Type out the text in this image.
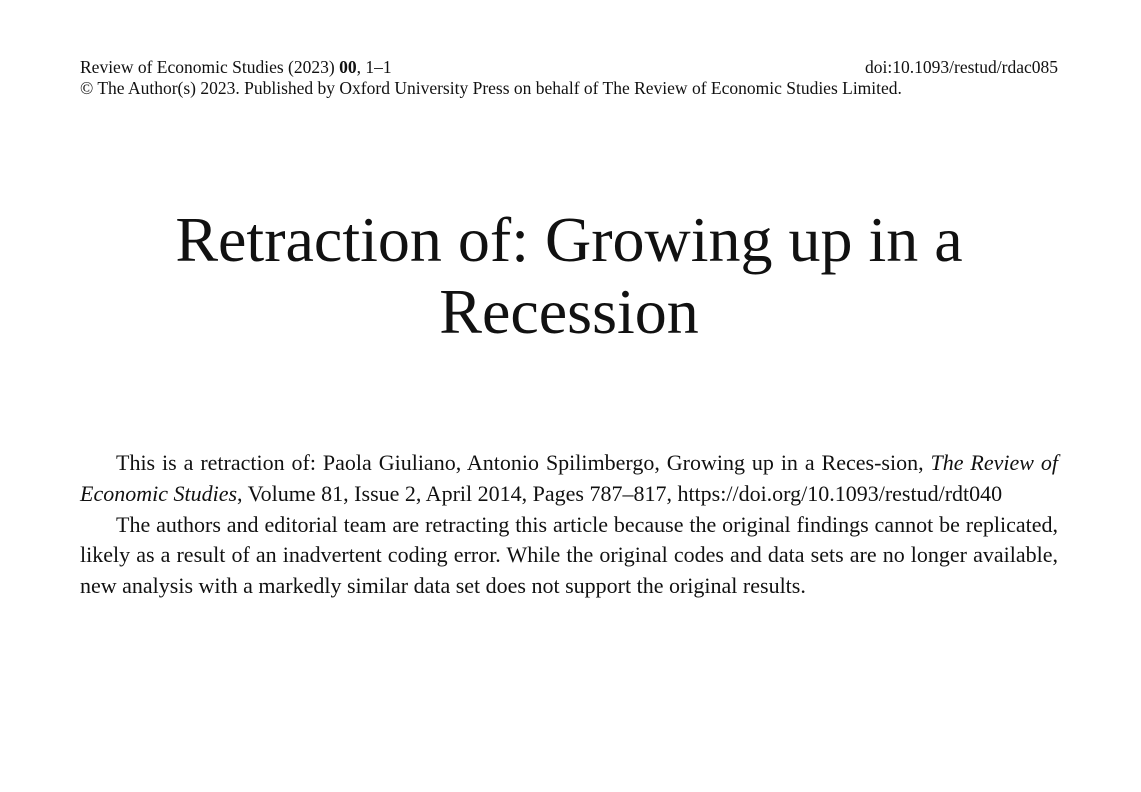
Review of Economic Studies (2023) 00, 1–1	doi:10.1093/restud/rdac085
© The Author(s) 2023. Published by Oxford University Press on behalf of The Review of Economic Studies Limited.
Retraction of: Growing up in a Recession

This is a retraction of: Paola Giuliano, Antonio Spilimbergo, Growing up in a Reces-sion, The Review of Economic Studies, Volume 81, Issue 2, April 2014, Pages 787–817, https://doi.org/10.1093/restud/rdt040

The authors and editorial team are retracting this article because the original findings cannot be replicated, likely as a result of an inadvertent coding error. While the original codes and data sets are no longer available, new analysis with a markedly similar data set does not support the original results.
